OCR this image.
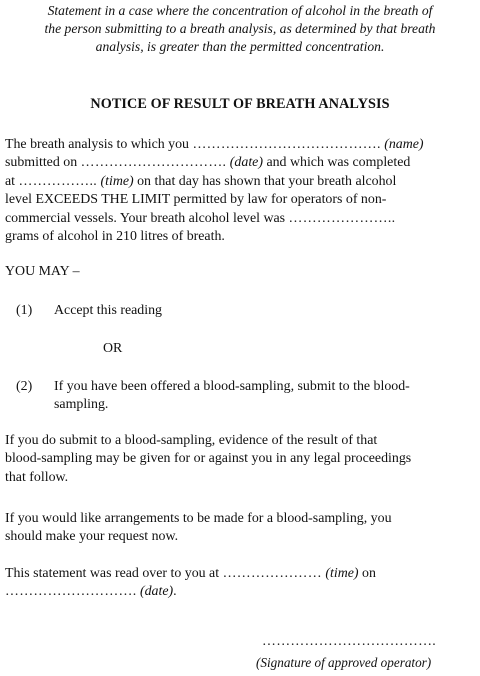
Statement in a case where the concentration of alcohol in the breath of
the person submitting to a breath analysis, as determined by that breath
analysis, is greater than the permitted concentration.
NOTICE OF RESULT OF BREATH ANALYSIS
The breath analysis to which you …………………………………. (name)
submitted on …………………………. (date) and which was completed
at …………….. (time) on that day has shown that your breath alcohol
level EXCEEDS THE LIMIT permitted by law for operators of non-
commercial vessels. Your breath alcohol level was …………………..
grams of alcohol in 210 litres of breath.
YOU MAY –
(1) Accept this reading
OR
(2) If you have been offered a blood-sampling, submit to the blood-
sampling.
If you do submit to a blood-sampling, evidence of the result of that
blood-sampling may be given for or against you in any legal proceedings
that follow.
If you would like arrangements to be made for a blood-sampling, you
should make your request now.
This statement was read over to you at ………………… (time) on
………………………. (date).
……………………………….
(Signature of approved operator)
